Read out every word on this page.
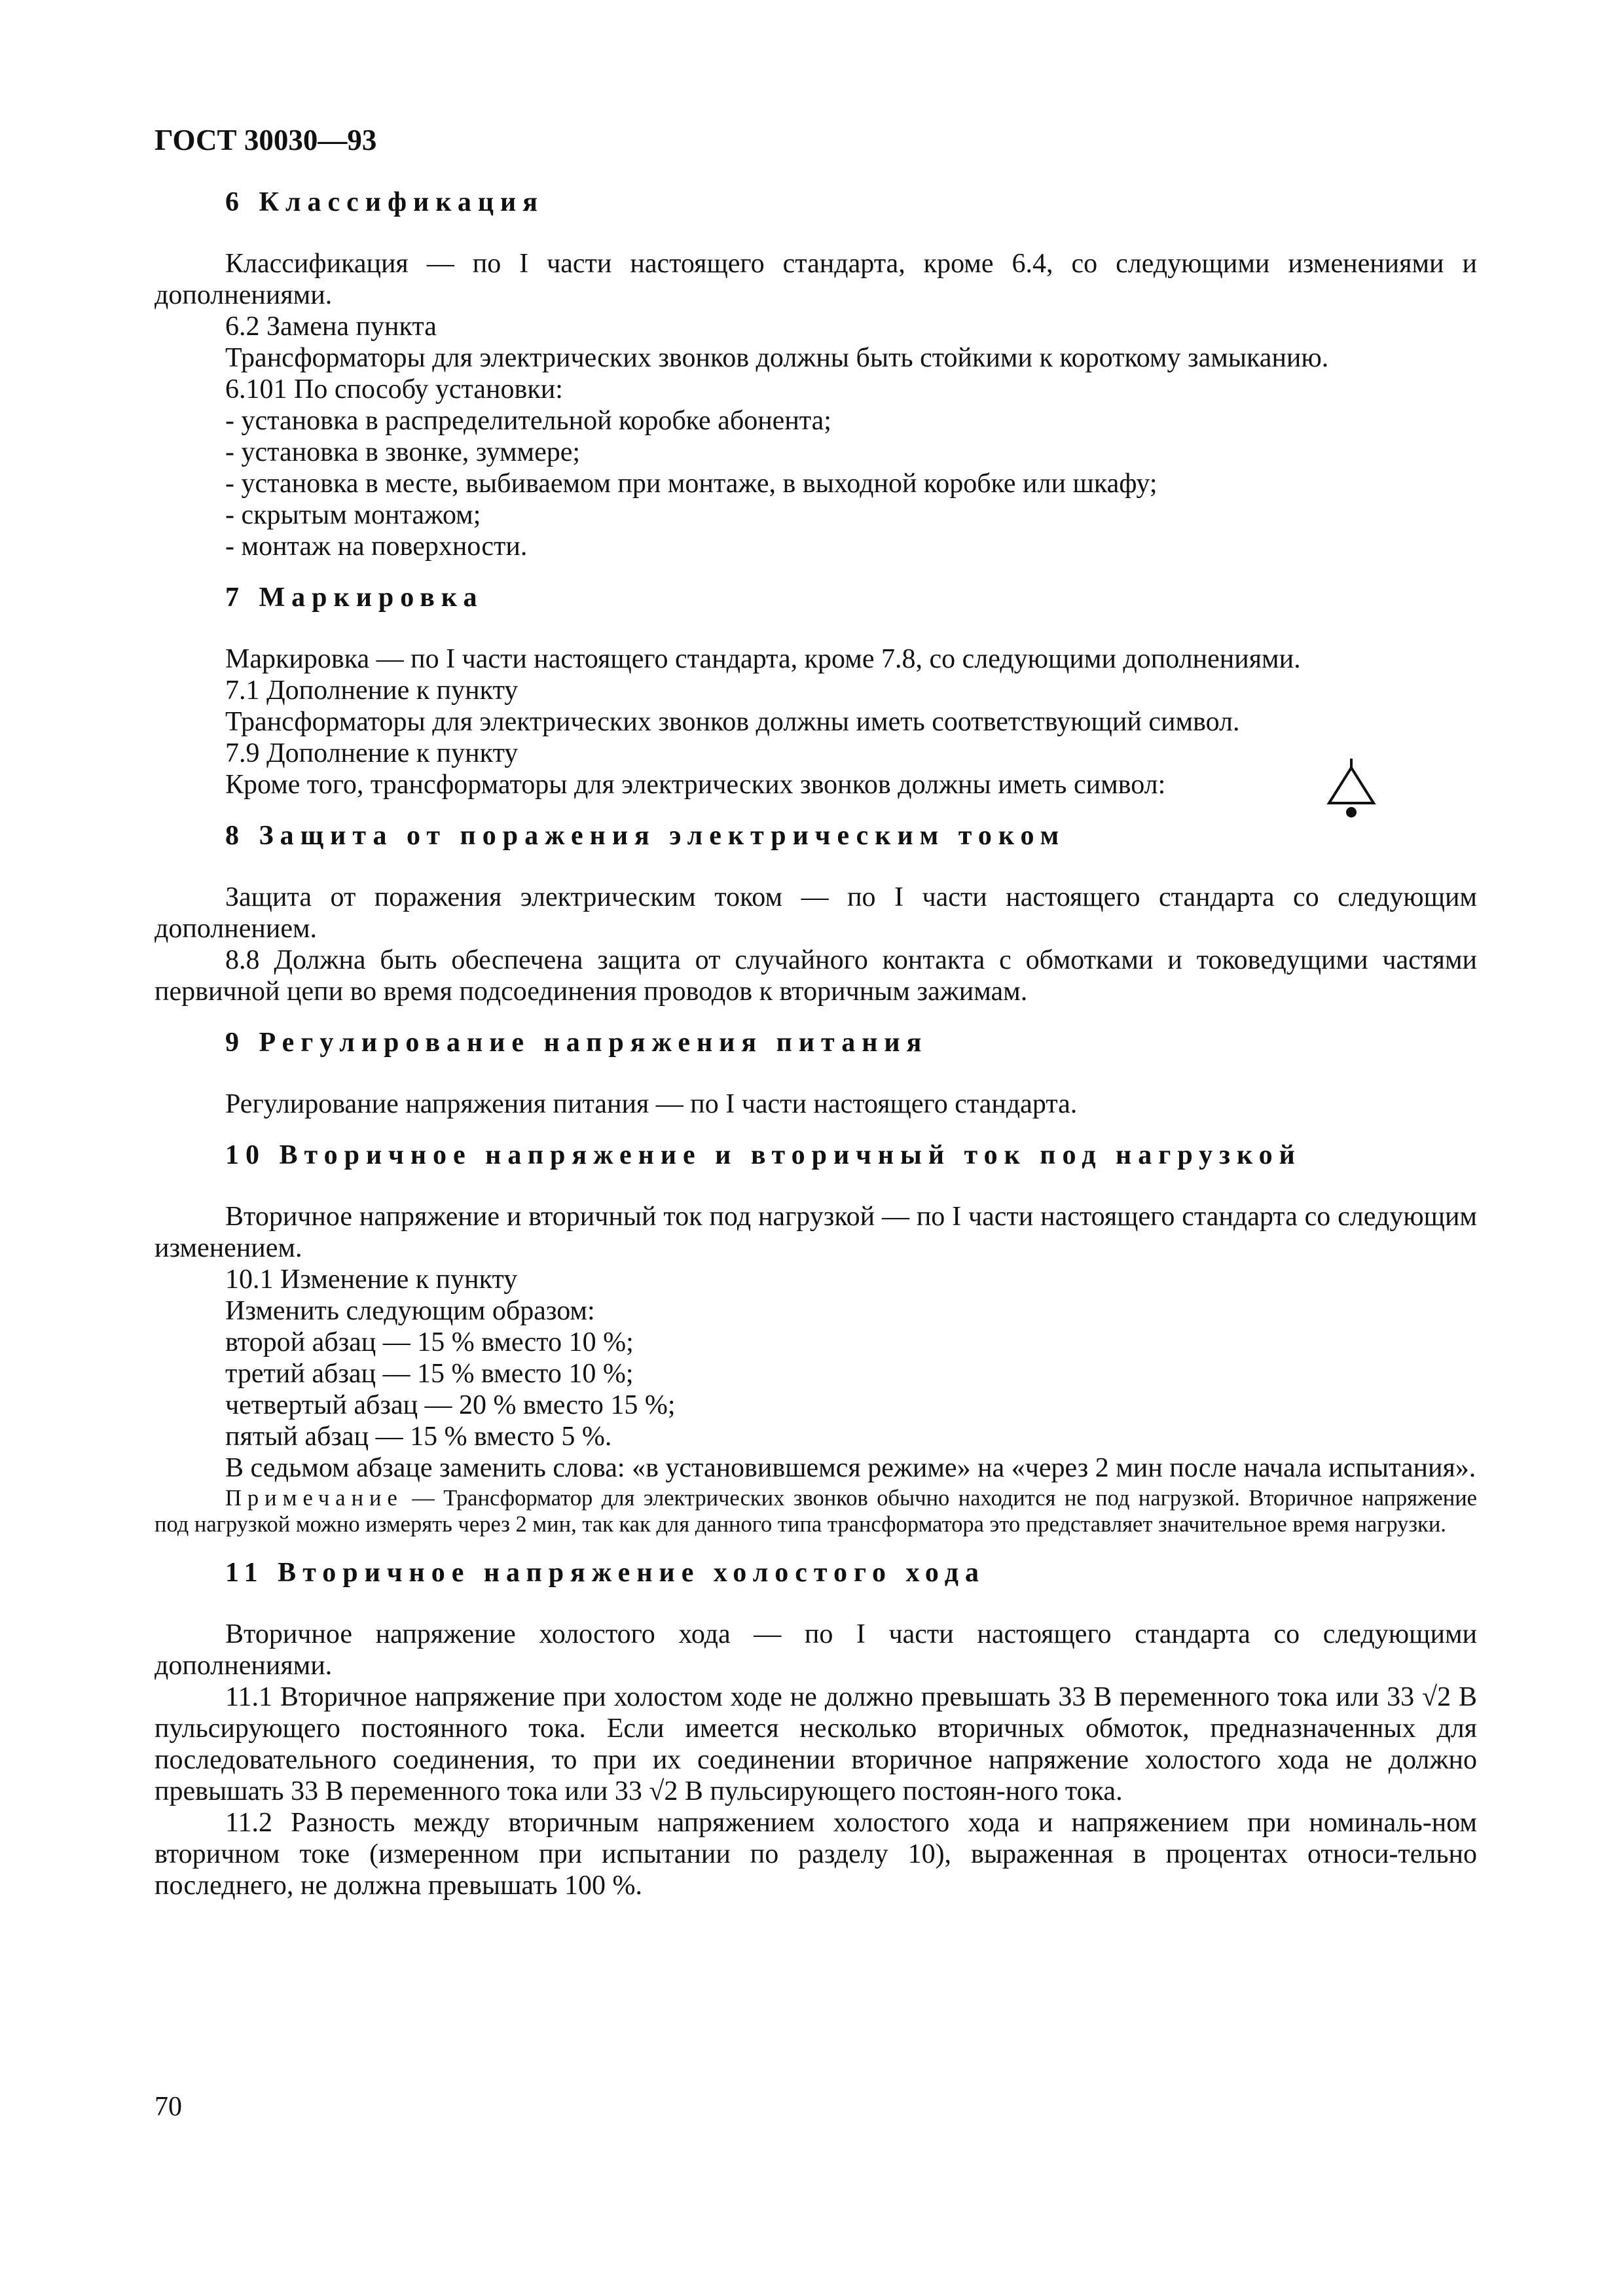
ГОСТ 30030—93

6 Классификация

Классификация — по I части настоящего стандарта, кроме 6.4, со следующими изменениями и дополнениями.

6.2 Замена пункта

Трансформаторы для электрических звонков должны быть стойкими к короткому замыканию.

6.101 По способу установки:

- установка в распределительной коробке абонента;

- установка в звонке, зуммере;

- установка в месте, выбиваемом при монтаже, в выходной коробке или шкафу;

- скрытым монтажом;

- монтаж на поверхности.

7 Маркировка

Маркировка — по I части настоящего стандарта, кроме 7.8, со следующими дополнениями.

7.1 Дополнение к пункту

Трансформаторы для электрических звонков должны иметь соответствующий символ.

7.9 Дополнение к пункту

Кроме того, трансформаторы для электрических звонков должны иметь символ:

8 Защита от поражения электрическим током

Защита от поражения электрическим током — по I части настоящего стандарта со следующим дополнением.

8.8 Должна быть обеспечена защита от случайного контакта с обмотками и токоведущими частями первичной цепи во время подсоединения проводов к вторичным зажимам.

9 Регулирование напряжения питания

Регулирование напряжения питания — по I части настоящего стандарта.

10 Вторичное напряжение и вторичный ток под нагрузкой

Вторичное напряжение и вторичный ток под нагрузкой — по I части настоящего стандарта со следующим изменением.

10.1 Изменение к пункту

Изменить следующим образом:

второй абзац — 15 % вместо 10 %;

третий абзац — 15 % вместо 10 %;

четвертый абзац — 20 % вместо 15 %;

пятый абзац — 15 % вместо 5 %.

В седьмом абзаце заменить слова: «в установившемся режиме» на «через 2 мин после начала испытания».

Примечание — Трансформатор для электрических звонков обычно находится не под нагрузкой. Вторичное напряжение под нагрузкой можно измерять через 2 мин, так как для данного типа трансформатора это представляет значительное время нагрузки.

11 Вторичное напряжение холостого хода

Вторичное напряжение холостого хода — по I части настоящего стандарта со следующими дополнениями.

11.1 Вторичное напряжение при холостом ходе не должно превышать 33 В переменного тока или 33 √2 В пульсирующего постоянного тока. Если имеется несколько вторичных обмоток, предназначенных для последовательного соединения, то при их соединении вторичное напряжение холостого хода не должно превышать 33 В переменного тока или 33 √2 В пульсирующего постоян-ного тока.

11.2 Разность между вторичным напряжением холостого хода и напряжением при номиналь-ном вторичном токе (измеренном при испытании по разделу 10), выраженная в процентах относи-тельно последнего, не должна превышать 100 %.

70
